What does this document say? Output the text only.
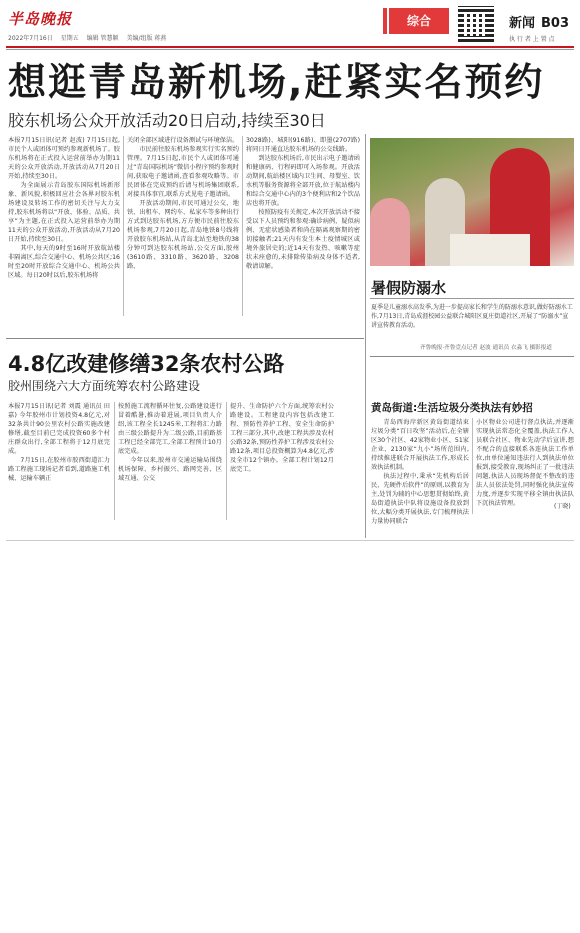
半岛晚报
2022年7月16日 星期五 编辑 管慧颖 美编/组版 蒋燕
综合	新闻 B03
执 行 者 上 置 点
想逛青岛新机场,赶紧实名预约
胶东机场公众开放活动20日启动,持续至30日

本报7月15日讯(记者 赵波) 7月15日起,市民个人或团体可预约参观新机场了。胶东机场将在正式投入运营前举办为期11天的公众开放活动,开放活动从7月20日开始,持续至30日。

为全面展示青岛胶东国际机场新形象、新风貌,积极回应社会各界对胶东机场建设及转场工作的密切关注与大力支持,胶东机场将以“开放、体验、品质、共享”为主题,在正式投入运营前举办为期11天的公众开放活动,开放活动从7月20日开始,持续至30日。

其中,每天的9时至16时开放航站楼非隔离区,综合交通中心、机场公共区;16时至20时开放综合交通中心、机场公共区域。每日20时以后,胶东机场将

关闭全部区域进行设备测试与环境保洁。

市民前往胶东机场参观实行实名预约管理。7月15日起,市民个人或团体可通过“青岛国际机场”微信小程序预约参观时间,获取电子邀请函,查看参观攻略等。市民团体在完成预约后请与机场集团联系,对接具体事宜,联系方式见电子邀请函。

开放活动期间,市民可通过公交、地铁、出租车、网约车、私家车等多种出行方式到达胶东机场,方方便市民前往胶东机场参观,7月20日起,青岛地铁8号线将开放胶东机场站,从青岛北站至地铁的38分钟可到达胶东机场站,公交方面,胶州(3610路、3310路、3620路、3208路、

3028路)、城阳(916路)、即墨(2707路)将同日开通直达胶东机场的公交线路。

到达胶东机场后,市民出示电子邀请函和健康码、行程码即可入场参观。开放活动期间,航站楼区域内卫生间、母婴室、饮水机等服务资源将全部开放,位于航站楼内和综合交通中心内的3个便利店和2个饮品店也将开放。

按照防疫有关规定,本次开放活动不接受以下人员预约和参观:确诊病例、疑似病例、无症状感染者和尚在隔离观察期的密切接触者;21天内有发生本土疫情城区或境外旅居史的;近14天有发热、咳嗽等症状未痊愈的,未排除传染病及身体不适者,敬请谅解。

暑假防溺水
夏季是儿童溺水高发季,为进一步提高家长和学生的防溺水意识,做好防溺水工作,7月13日,青岛成涯校园公益联合城阳区夏庄街道社区,开展了“防溺水”宣讲宣传教育活动。
齐鲁晚报·齐鲁壹点记者 赵波 通讯员 衣淼飞 摄影报道
4.8亿改建修缮32条农村公路
胶州围绕六大方面统筹农村公路建设

本报7月15日讯(记者 刘震 通讯员 田嘉) 今年胶州市计划投资4.8亿元,对32条共计90公里农村公路实施改建修缮,截至目前已完成投资60多个村庄群众出行,全部工程将于12月底完成。

7月15日,在胶州市胶西街道汇力路工程施工现场记者看到,道路施工机械、运输车辆正

按照施工流程循环往复,公路建设进行冒着酷暑,推动着进展,项目负责人介绍,该工程全长1245米,工程将汇力路由三级公路提升为二级公路,目前路基工程已经全部完工,全部工程预计10月底完成。

今年以来,胶州市交通运输局围绕机场保障、乡村振兴、路网完善、区域互通、公交

提升、生命防护六个方面,统筹农村公路建设。工程建设内容包括改建工程、预防性养护工程、安全生命防护工程三部分,其中,改建工程共涉及农村公路32条,预防性养护工程涉及农村公路12条,项目总投资概算为4.8亿元,涉及全市12个镇办。全部工程计划12月底完工。

黄岛街道:生活垃圾分类执法有妙招

青岛西海岸新区黄岛街道结束垃圾分类“百日攻坚”活动后,在全辖区30个社区、42家物业小区、51家企业、2130家“九小”场所范围内,持续推进联合开展执法工作,形成长效执法机制。

执法过程中,秉承“先机构后居民、先硬件后软件”的原则,以教育为主,处罚为辅的中心思想贯彻始终,黄岛街道执法中队将设施设备投放到位,大幅分类开展执法,专门梳理执法力量协同联合

小区物业公司进行督点执法,并逐渐实现执法常态化全覆盖,执法工作人员联合社区、物业先动学后宣讲,想不配合的直接联系各连执法工作单位,由单位通知违法行人到执法单位报到,接受教育,现场纠正了一批违法问题,执法人员现场督促不整改的违法人员依法处罚,同时强化执法宣传力度,并逐步实现平移全镇由执法队下沉执法管理。	(丁晓)
